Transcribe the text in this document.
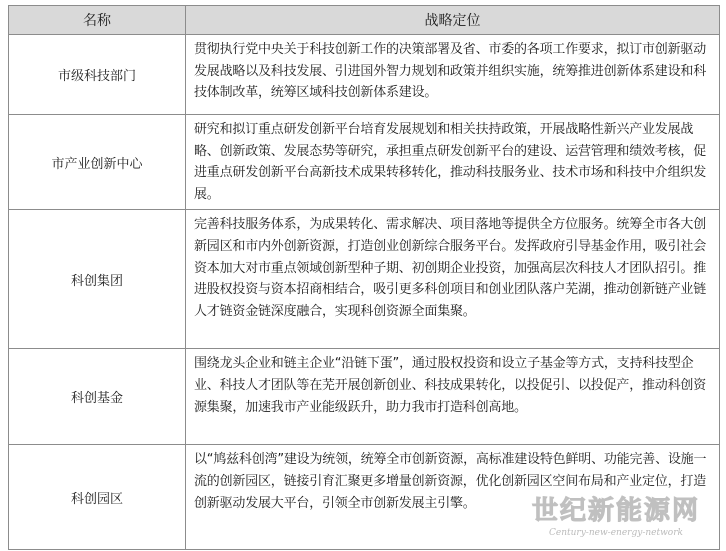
名称	战略定位
市级科技部门	贯彻执行党中央关于科技创新工作的决策部署及省、市委的各项工作要求，拟订市创新驱动发展战略以及科技发展、引进国外智力规划和政策并组织实施，统筹推进创新体系建设和科技体制改革，统筹区域科技创新体系建设。
市产业创新中心	研究和拟订重点研发创新平台培育发展规划和相关扶持政策，开展战略性新兴产业发展战略、创新政策、发展态势等研究，承担重点研发创新平台的建设、运营管理和绩效考核，促进重点研发创新平台高新技术成果转移转化，推动科技服务业、技术市场和科技中介组织发展。
科创集团	完善科技服务体系，为成果转化、需求解决、项目落地等提供全方位服务。统筹全市各大创新园区和市内外创新资源，打造创业创新综合服务平台。发挥政府引导基金作用，吸引社会资本加大对市重点领域创新型种子期、初创期企业投资，加强高层次科技人才团队招引。推进股权投资与资本招商相结合，吸引更多科创项目和创业团队落户芜湖，推动创新链产业链人才链资金链深度融合，实现科创资源全面集聚。
科创基金	围绕龙头企业和链主企业“沿链下蛋”，通过股权投资和设立子基金等方式，支持科技型企业、科技人才团队等在芜开展创新创业、科技成果转化，以投促引、以投促产，推动科创资源集聚，加速我市产业能级跃升，助力我市打造科创高地。
科创园区	以“鸠兹科创湾”建设为统领，统筹全市创新资源，高标准建设特色鲜明、功能完善、设施一流的创新园区，链接引育汇聚更多增量创新资源，优化创新园区空间布局和产业定位，打造创新驱动发展大平台，引领全市创新发展主引擎。	世纪新能源网
Century-new-energy-network
